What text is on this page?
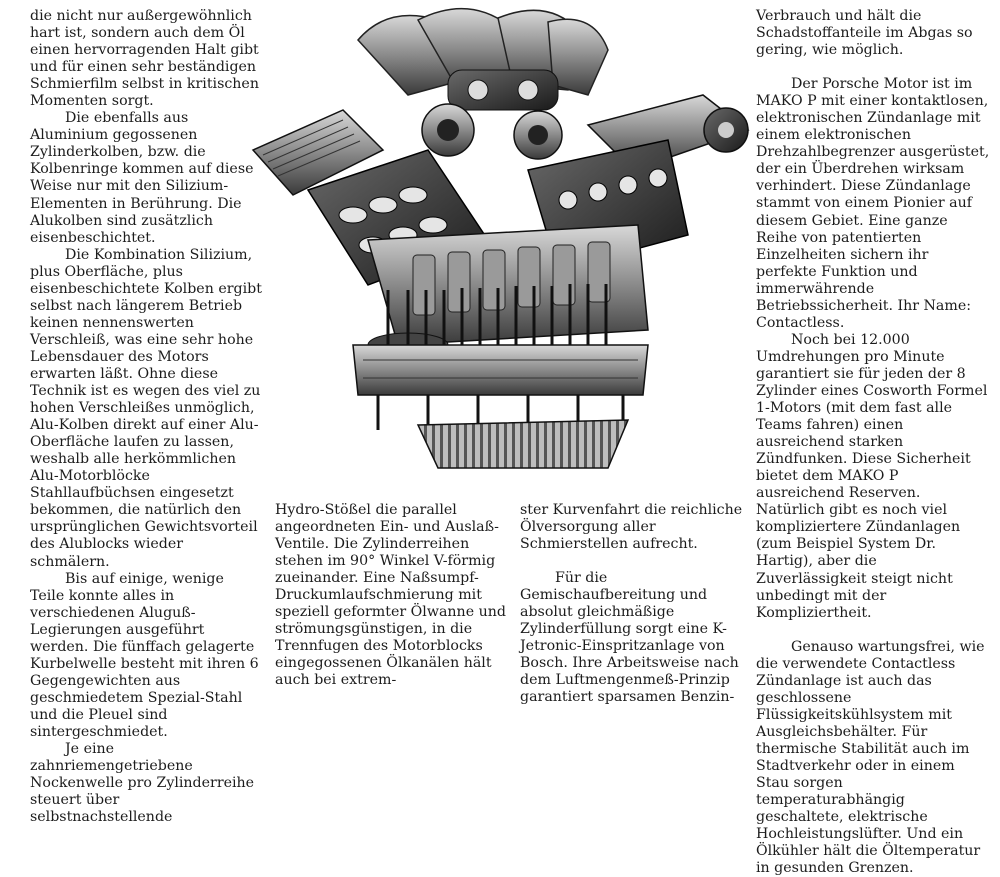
die nicht nur außergewöhnlich hart ist, sondern auch dem Öl einen hervorragenden Halt gibt und für einen sehr beständigen Schmierfilm selbst in kritischen Momenten sorgt.

Die ebenfalls aus Aluminium gegossenen Zylinderkolben, bzw. die Kolbenringe kommen auf diese Weise nur mit den Silizium-Elementen in Berührung. Die Alukolben sind zusätzlich eisenbeschichtet.

Die Kombination Silizium, plus Oberfläche, plus eisenbeschichtete Kolben ergibt selbst nach längerem Betrieb keinen nennenswerten Verschleiß, was eine sehr hohe Lebensdauer des Motors erwarten läßt. Ohne diese Technik ist es wegen des viel zu hohen Verschleißes unmöglich, Alu-Kolben direkt auf einer Alu-Oberfläche laufen zu lassen, weshalb alle herkömmlichen Alu-Motorblöcke Stahllaufbüchsen eingesetzt bekommen, die natürlich den ursprünglichen Gewichtsvorteil des Alublocks wieder schmälern.

Bis auf einige, wenige Teile konnte alles in verschiedenen Aluguß-Legierungen ausgeführt werden. Die fünffach gelagerte Kurbelwelle besteht mit ihren 6 Gegengewichten aus geschmiedetem Spezial-Stahl und die Pleuel sind sintergeschmiedet.

Je eine zahnriemengetriebene Nockenwelle pro Zylinderreihe steuert über selbstnachstellende

Hydro-Stößel die parallel angeordneten Ein- und Auslaß-Ventile. Die Zylinderreihen stehen im 90° Winkel V-förmig zueinander. Eine Naßsumpf-Druckumlaufschmierung mit speziell geformter Ölwanne und strömungsgünstigen, in die Trennfugen des Motorblocks eingegossenen Ölkanälen hält auch bei extrem-

ster Kurvenfahrt die reichliche Ölversorgung aller Schmierstellen aufrecht.

Für die Gemischaufbereitung und absolut gleichmäßige Zylinderfüllung sorgt eine K-Jetronic-Einspritzanlage von Bosch. Ihre Arbeitsweise nach dem Luftmengenmeß-Prinzip garantiert sparsamen Benzin-

Verbrauch und hält die Schadstoffanteile im Abgas so gering, wie möglich.

Der Porsche Motor ist im MAKO P mit einer kontaktlosen, elektronischen Zündanlage mit einem elektronischen Drehzahlbegrenzer ausgerüstet, der ein Überdrehen wirksam verhindert. Diese Zündanlage stammt von einem Pionier auf diesem Gebiet. Eine ganze Reihe von patentierten Einzelheiten sichern ihr perfekte Funktion und immerwährende Betriebssicherheit. Ihr Name: Contactless.

Noch bei 12.000 Umdrehungen pro Minute garantiert sie für jeden der 8 Zylinder eines Cosworth Formel 1-Motors (mit dem fast alle Teams fahren) einen ausreichend starken Zündfunken. Diese Sicherheit bietet dem MAKO P ausreichend Reserven. Natürlich gibt es noch viel kompliziertere Zündanlagen (zum Beispiel System Dr. Hartig), aber die Zuverlässigkeit steigt nicht unbedingt mit der Kompliziertheit.

Genauso wartungsfrei, wie die verwendete Contactless Zündanlage ist auch das geschlossene Flüssigkeitskühlsystem mit Ausgleichsbehälter. Für thermische Stabilität auch im Stadtverkehr oder in einem Stau sorgen temperaturabhängig geschaltete, elektrische Hochleistungslüfter. Und ein Ölkühler hält die Öltemperatur in gesunden Grenzen.
